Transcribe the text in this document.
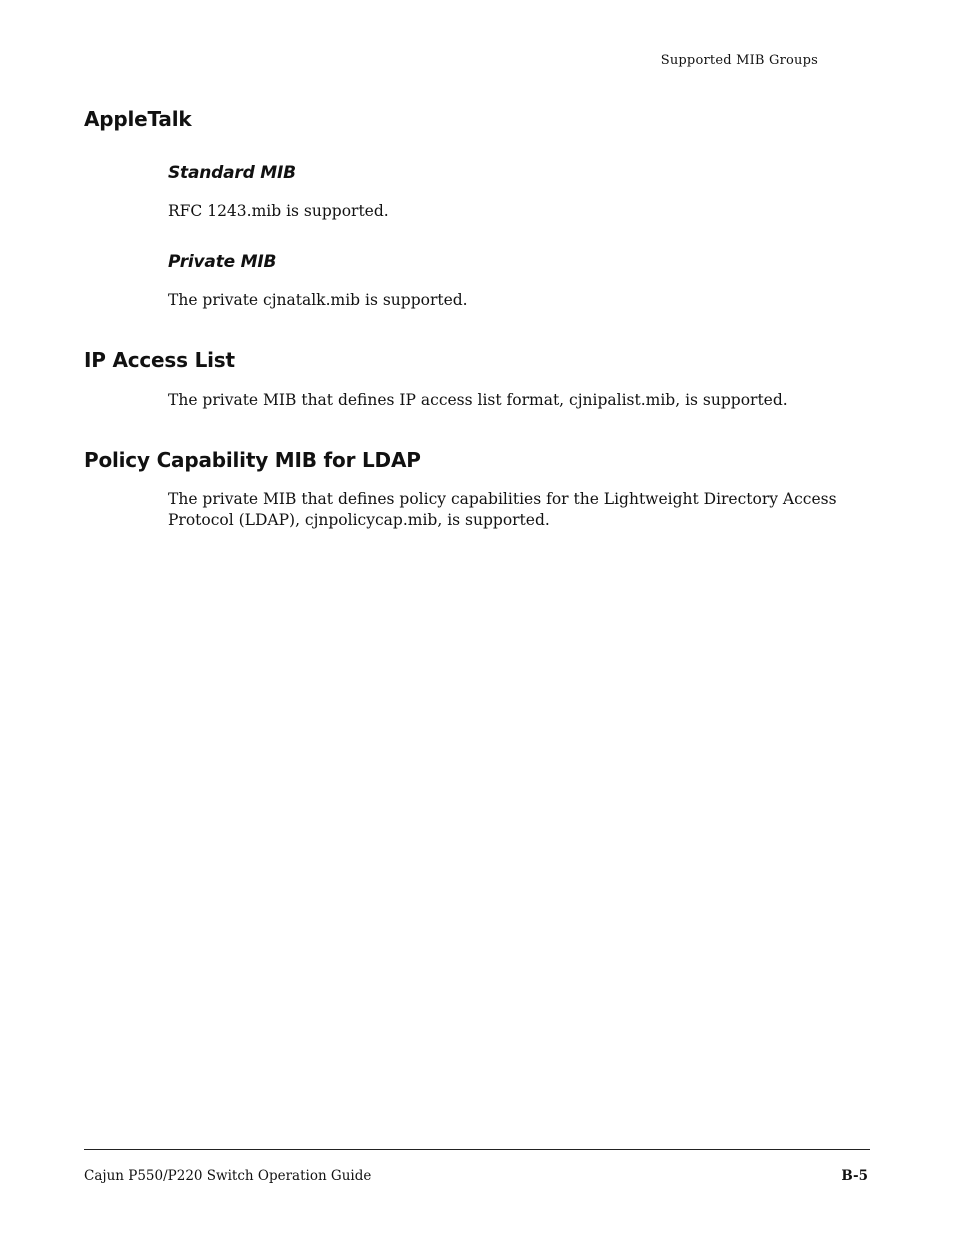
Supported MIB Groups
AppleTalk
Standard MIB

RFC 1243.mib is supported.

Private MIB

The private cjnatalk.mib is supported.

IP Access List

The private MIB that defines IP access list format, cjnipalist.mib, is supported.

Policy Capability MIB for LDAP

The private MIB that defines policy capabilities for the Lightweight Directory Access Protocol (LDAP), cjnpolicycap.mib, is supported.

Cajun P550/P220 Switch Operation Guide	B-5
